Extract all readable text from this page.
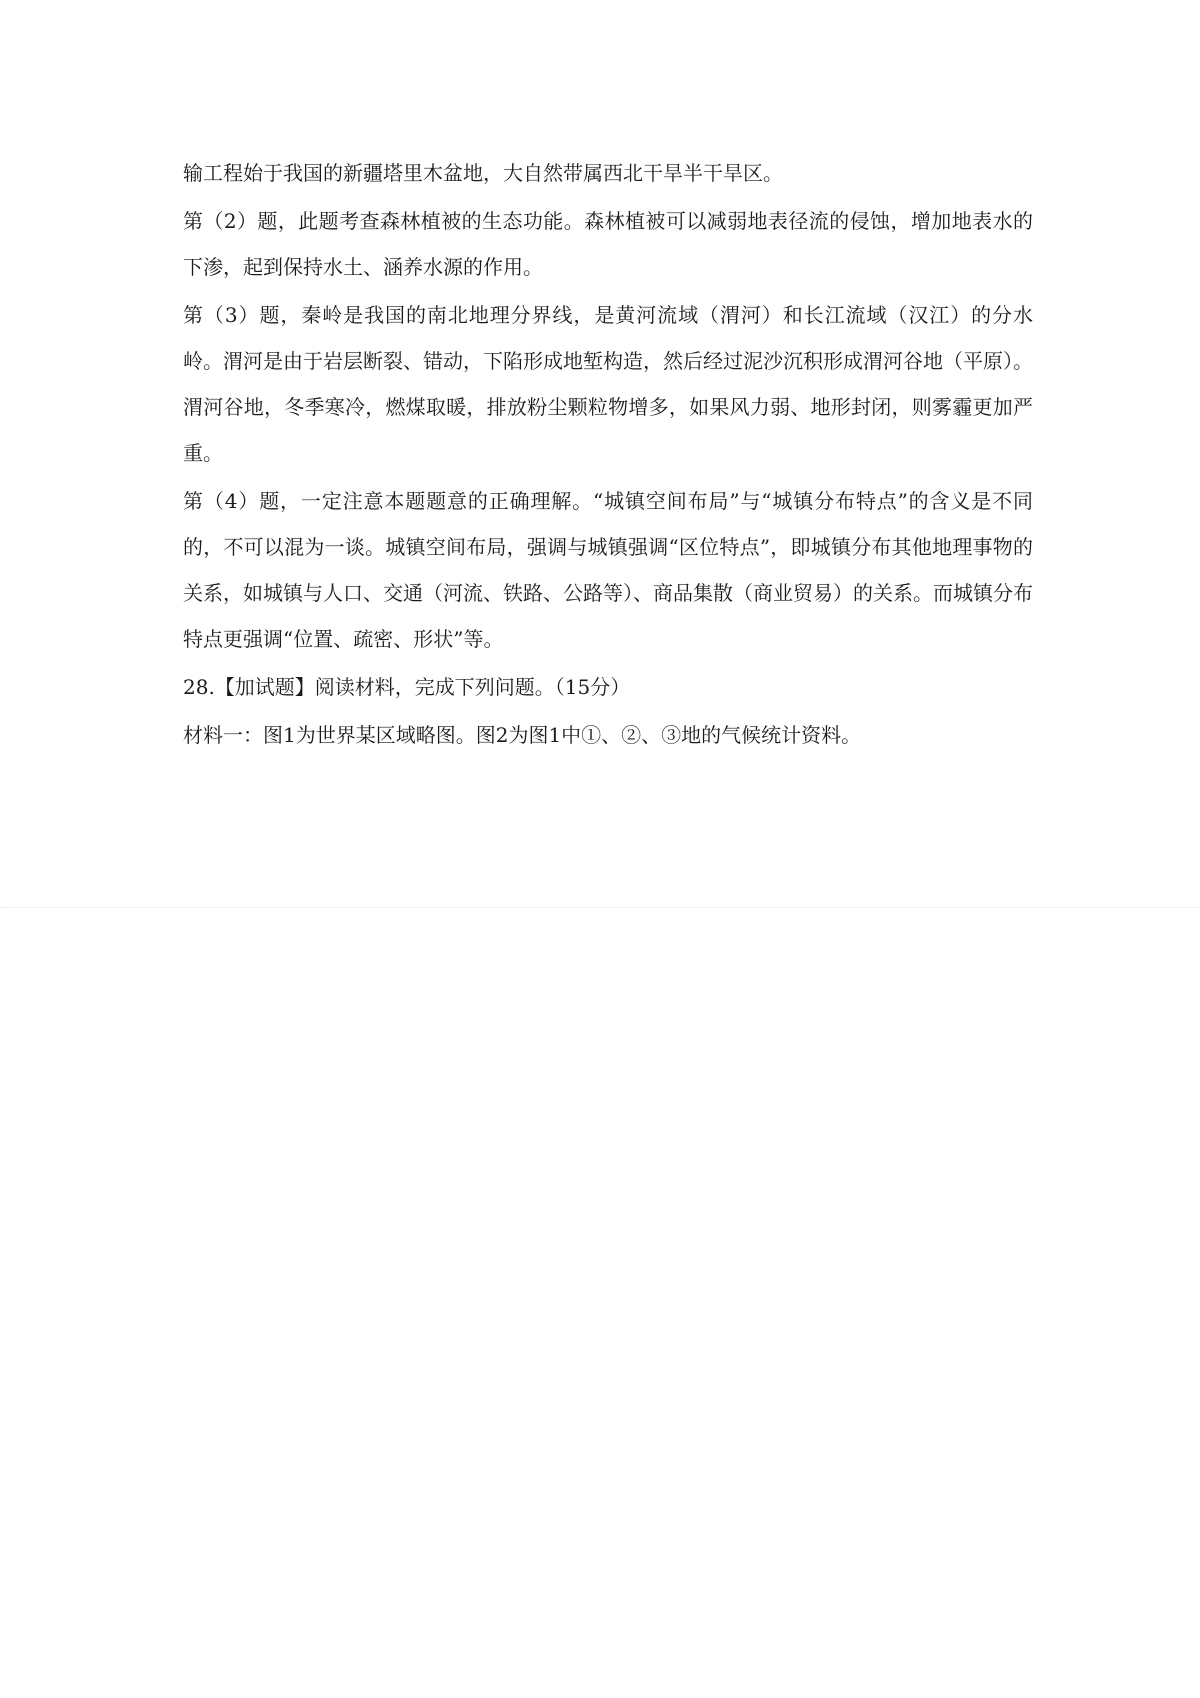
输工程始于我国的新疆塔里木盆地，大自然带属西北干旱半干旱区。

第（2）题，此题考查森林植被的生态功能。森林植被可以减弱地表径流的侵蚀，增加地表水的下渗，起到保持水土、涵养水源的作用。

第（3）题，秦岭是我国的南北地理分界线，是黄河流域（渭河）和长江流域（汉江）的分水岭。渭河是由于岩层断裂、错动，下陷形成地堑构造，然后经过泥沙沉积形成渭河谷地（平原）。渭河谷地，冬季寒冷，燃煤取暖，排放粉尘颗粒物增多，如果风力弱、地形封闭，则雾霾更加严重。

第（4）题，一定注意本题题意的正确理解。“城镇空间布局”与“城镇分布特点”的含义是不同的，不可以混为一谈。城镇空间布局，强调与城镇强调“区位特点”，即城镇分布其他地理事物的关系，如城镇与人口、交通（河流、铁路、公路等）、商品集散（商业贸易）的关系。而城镇分布特点更强调“位置、疏密、形状”等。

28.【加试题】阅读材料，完成下列问题。（15分）

材料一：图1为世界某区域略图。图2为图1中①、②、③地的气候统计资料。
